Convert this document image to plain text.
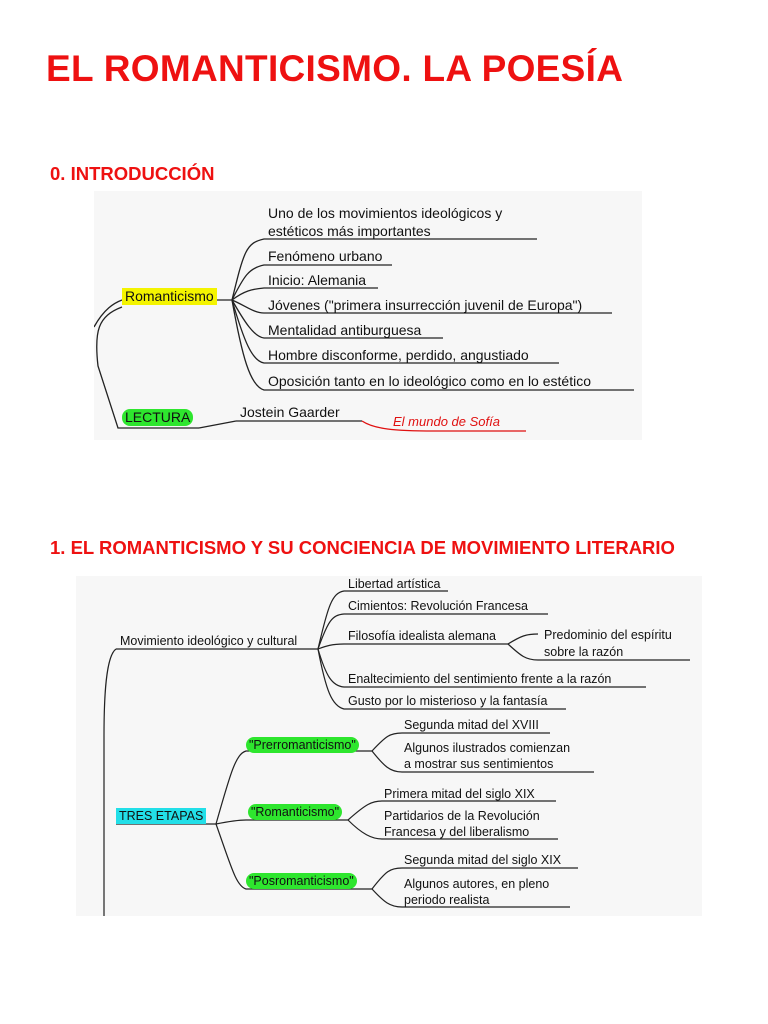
EL ROMANTICISMO. LA POESÍA
0. INTRODUCCIÓN
Romanticismo
Uno de los movimientos ideológicos y
estéticos más importantes
Fenómeno urbano
Inicio: Alemania
Jóvenes ("primera insurrección juvenil de Europa")
Mentalidad antiburguesa
Hombre disconforme, perdido, angustiado
Oposición tanto en lo ideológico como en lo estético
LECTURA	Jostein Gaarder
El mundo de Sofía
1. EL ROMANTICISMO Y SU CONCIENCIA DE MOVIMIENTO LITERARIO
Movimiento ideológico y cultural
Libertad artística
Cimientos: Revolución Francesa
Filosofía idealista alemana	Predominio del espíritu
sobre la razón
Enaltecimiento del sentimiento frente a la razón
Gusto por lo misterioso y la fantasía
TRES ETAPAS
"Prerromanticismo"
Segunda mitad del XVIII
Algunos ilustrados comienzan
a mostrar sus sentimientos
"Romanticismo"
Primera mitad del siglo XIX
Partidarios de la Revolución
Francesa y del liberalismo
"Posromanticismo"
Segunda mitad del siglo XIX
Algunos autores, en pleno
periodo realista
